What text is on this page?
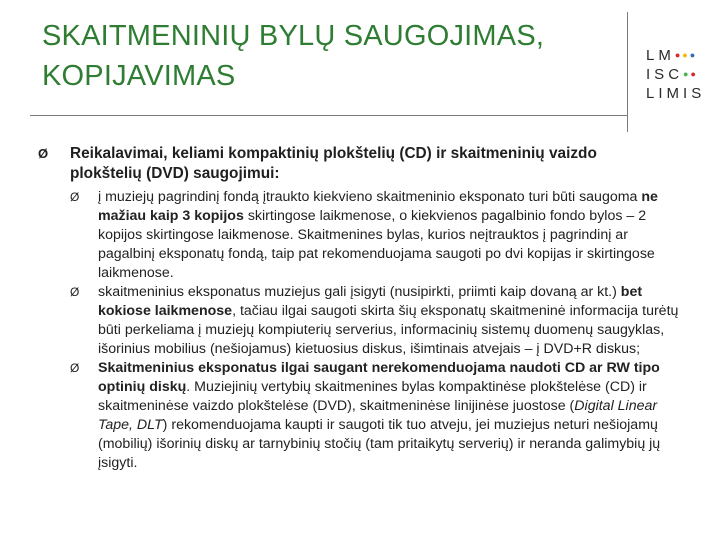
SKAITMENINIŲ BYLŲ SAUGOJIMAS,
KOPIJAVIMAS
LM●●●
ISC●●
LIMIS
Ø	Reikalavimai, keliami kompaktinių plokštelių (CD) ir skaitmeninių vaizdo plokštelių (DVD) saugojimui:
Ø į muziejų pagrindinį fondą įtraukto kiekvieno skaitmeninio eksponato turi būti saugoma ne mažiau kaip 3 kopijos skirtingose laikmenose, o kiekvienos pagalbinio fondo bylos – 2 kopijos skirtingose laikmenose. Skaitmenines bylas, kurios neįtrauktos į pagrindinį ar pagalbinį eksponatų fondą, taip pat rekomenduojama saugoti po dvi kopijas ir skirtingose laikmenose.
Ø skaitmeninius eksponatus muziejus gali įsigyti (nusipirkti, priimti kaip dovaną ar kt.) bet kokiose laikmenose, tačiau ilgai saugoti skirta šių eksponatų skaitmeninė informacija turėtų būti perkeliama į muziejų kompiuterių serverius, informacinių sistemų duomenų saugyklas, išorinius mobilius (nešiojamus) kietuosius diskus, išimtinais atvejais – į DVD+R diskus;
Ø Skaitmeninius eksponatus ilgai saugant nerekomenduojama naudoti CD ar RW tipo optinių diskų. Muziejinių vertybių skaitmenines bylas kompaktinėse plokštelėse (CD) ir skaitmeninėse vaizdo plokštelėse (DVD), skaitmeninėse linijinėse juostose (Digital Linear Tape, DLT) rekomenduojama kaupti ir saugoti tik tuo atveju, jei muziejus neturi nešiojamų (mobilių) išorinių diskų ar tarnybinių stočių (tam pritaikytų serverių) ir neranda galimybių jų įsigyti.
